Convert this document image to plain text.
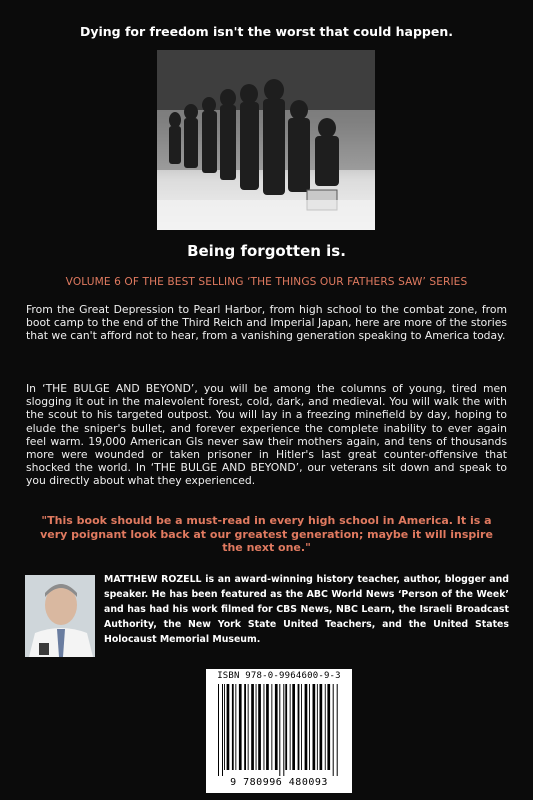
Dying for freedom isn't the worst that could happen.
Being forgotten is.
VOLUME 6 OF THE BEST SELLING ‘THE THINGS OUR FATHERS SAW’ SERIES
From the Great Depression to Pearl Harbor, from high school to the combat zone, from boot camp to the end of the Third Reich and Imperial Japan, here are more of the stories that we can't afford not to hear, from a vanishing generation speaking to America today.
In ‘THE BULGE AND BEYOND’, you will be among the columns of young, tired men slogging it out in the malevolent forest, cold, dark, and medieval. You will walk the with the scout to his targeted outpost. You will lay in a freezing minefield by day, hoping to elude the sniper's bullet, and forever experience the complete inability to ever again feel warm. 19,000 American GIs never saw their mothers again, and tens of thousands more were wounded or taken prisoner in Hitler's last great counter-offensive that shocked the world. In ‘THE BULGE AND BEYOND’, our veterans sit down and speak to you directly about what they experienced.
"This book should be a must-read in every high school in America. It is a very poignant look back at our greatest generation; maybe it will inspire the next one."
MATTHEW ROZELL is an award-winning history teacher, author, blogger and speaker. He has been featured as the ABC World News ‘Person of the Week’ and has had his work filmed for CBS News, NBC Learn, the Israeli Broadcast Authority, the New York State United Teachers, and the United States Holocaust Memorial Museum.
ISBN 978-0-9964600-9-3
9 780996 480093
